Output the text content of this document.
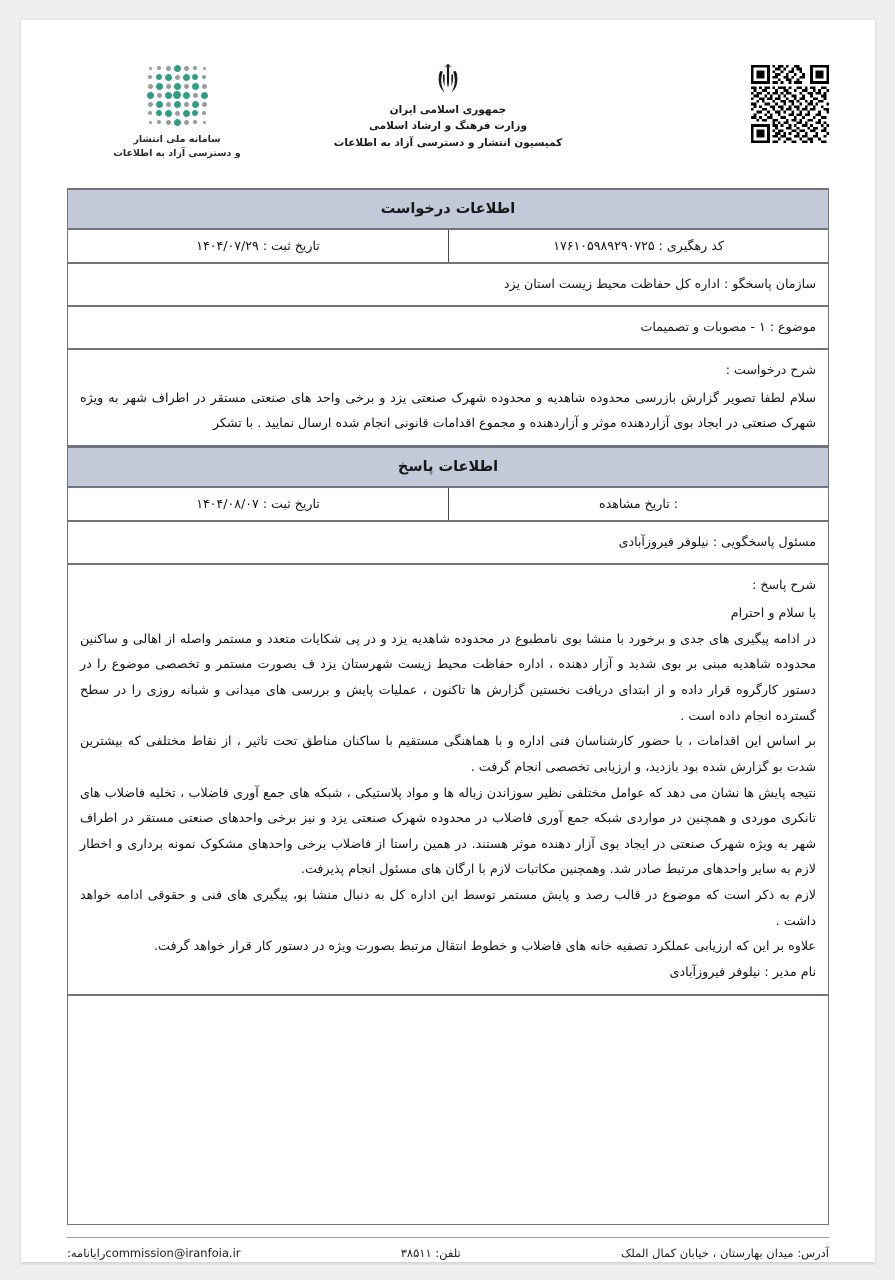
جمهوری اسلامی ایران
وزارت فرهنگ و ارشاد اسلامی
کمیسیون انتشار و دسترسی آزاد به اطلاعات
سامانه ملی انتشار
و دسترسی آزاد به اطلاعات
اطلاعات درخواست
کد رهگیری : ۱۷۶۱۰۵۹۸۹۲۹۰۷۲۵
تاریخ ثبت : ۱۴۰۴/۰۷/۲۹
سازمان پاسخگو : اداره کل حفاظت محیط زیست استان یزد
موضوع : ۱ - مصوبات و تصمیمات
شرح درخواست :
سلام لطفا تصویر گزارش بازرسی محدوده شاهدیه و محدوده شهرک صنعتی یزد و برخی واحد های صنعتی مستقر در اطراف شهر به ویژه شهرک صنعتی در ایجاد بوی آزاردهنده موثر و آزاردهنده و مجموع اقدامات قانونی انجام شده ارسال نمایید . با تشکر
اطلاعات پاسخ
: تاریخ مشاهده
تاریخ ثبت : ۱۴۰۴/۰۸/۰۷
مسئول پاسخگویی : نیلوفر فیروزآبادی
شرح پاسخ :

با سلام و احترام

در ادامه پیگیری های جدی و برخورد با منشا بوی نامطبوع در محدوده شاهدیه یزد و در پی شکایات متعدد و مستمر واصله از اهالی و ساکنین محدوده شاهدیه مبنی بر بوی شدید و آزار دهنده ، اداره حفاظت محیط زیست شهرستان یزد ف بصورت مستمر و تخصصی موضوع را در دستور کارگروه قرار داده و از ابتدای دریافت نخستین گزارش ها تاکنون ، عملیات پایش و بررسی های میدانی و شبانه روزی را در سطح گسترده انجام داده است .

بر اساس این اقدامات ، با حضور کارشناسان فنی اداره و با هماهنگی مستقیم با ساکنان مناطق تحت تاثیر ، از نقاط مختلفی که بیشترین شدت بو گزارش شده بود بازدید، و ارزیابی تخصصی انجام گرفت .

نتیجه پایش ها نشان می دهد که عوامل مختلفی نظیر سوزاندن زباله ها و مواد پلاستیکی ، شبکه های جمع آوری فاضلاب ، تخلیه فاضلاب های تانکری موردی و همچنین در مواردی شبکه جمع آوری فاضلاب در محدوده شهرک صنعتی یزد و نیز برخی واحدهای صنعتی مستقر در اطراف شهر به ویژه شهرک صنعتی در ایجاد بوی آزار دهنده موثر هستند. در همین راستا از فاضلاب برخی واحدهای مشکوک نمونه برداری و اخطار لازم به سایر واحدهای مرتبط صادر شد. وهمچنین مکاتبات لازم با ارگان های مسئول انجام پذیرفت.

لازم به ذکر است که موضوع در قالب رصد و پایش مستمر توسط این اداره کل به دنبال منشا بو، پیگیری های فنی و حقوقی ادامه خواهد داشت .

علاوه بر این که ارزیابی عملکرد تصفیه خانه های فاضلاب و خطوط انتقال مرتبط بصورت ویژه در دستور کار قرار خواهد گرفت.

نام مدیر : نیلوفر فیروزآبادی

آدرس: میدان بهارستان ، خیابان کمال الملک
تلفن: ۳۸۵۱۱
commission@iranfoia.irرایانامه:
